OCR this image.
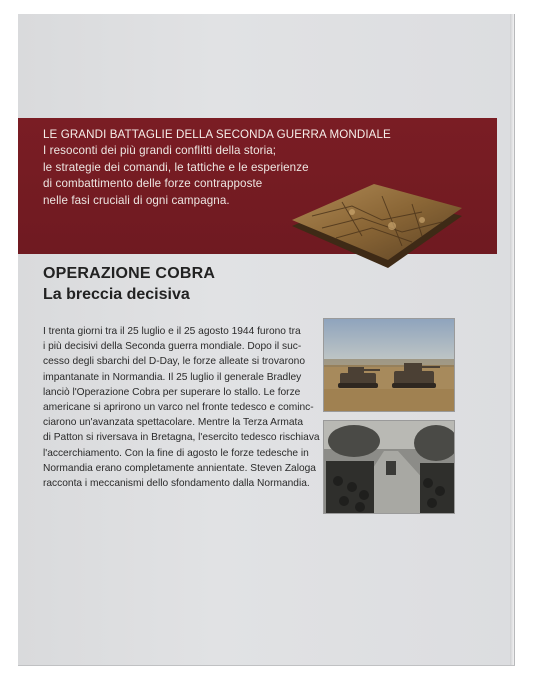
LE GRANDI BATTAGLIE DELLA SECONDA GUERRA MONDIALE
I resoconti dei più grandi conflitti della storia;
le strategie dei comandi, le tattiche e le esperienze
di combattimento delle forze contrapposte
nelle fasi cruciali di ogni campagna.
OPERAZIONE COBRA
La breccia decisiva
I trenta giorni tra il 25 luglio e il 25 agosto 1944 furono tra
i più decisivi della Seconda guerra mondiale. Dopo il suc-
cesso degli sbarchi del D-Day, le forze alleate si trovarono
impantanate in Normandia. Il 25 luglio il generale Bradley
lanciò l'Operazione Cobra per superare lo stallo. Le forze
americane si aprirono un varco nel fronte tedesco e cominc-
ciarono un'avanzata spettacolare. Mentre la Terza Armata
di Patton si riversava in Bretagna, l'esercito tedesco rischiava
l'accerchiamento. Con la fine di agosto le forze tedesche in
Normandia erano completamente annientate. Steven Zaloga
racconta i meccanismi dello sfondamento dalla Normandia.
